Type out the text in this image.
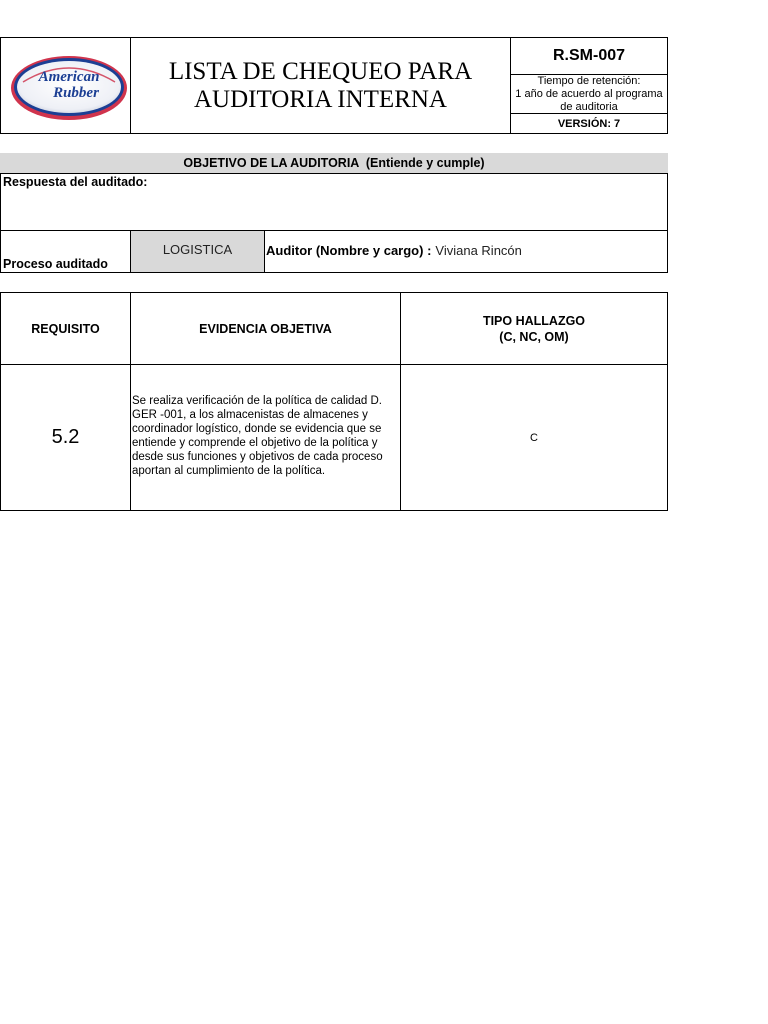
American
Rubber
LISTA DE CHEQUEO PARA
AUDITORIA INTERNA
R.SM-007
Tiempo de retención:
1 año de acuerdo al programa
de auditoria
VERSIÓN: 7
OBJETIVO DE LA AUDITORIA  (Entiende y cumple)
Respuesta del auditado:
Proceso auditado
LOGISTICA	Auditor (Nombre y cargo) : Viviana Rincón
REQUISITO	EVIDENCIA OBJETIVA
TIPO HALLAZGO
(C, NC, OM)
5.2
Se realiza verificación de la política de calidad D. GER -001, a los almacenistas de almacenes y coordinador logístico, donde se evidencia que se entiende y comprende el objetivo de la política y desde sus funciones y objetivos de cada proceso aportan al cumplimiento de la política.
C
